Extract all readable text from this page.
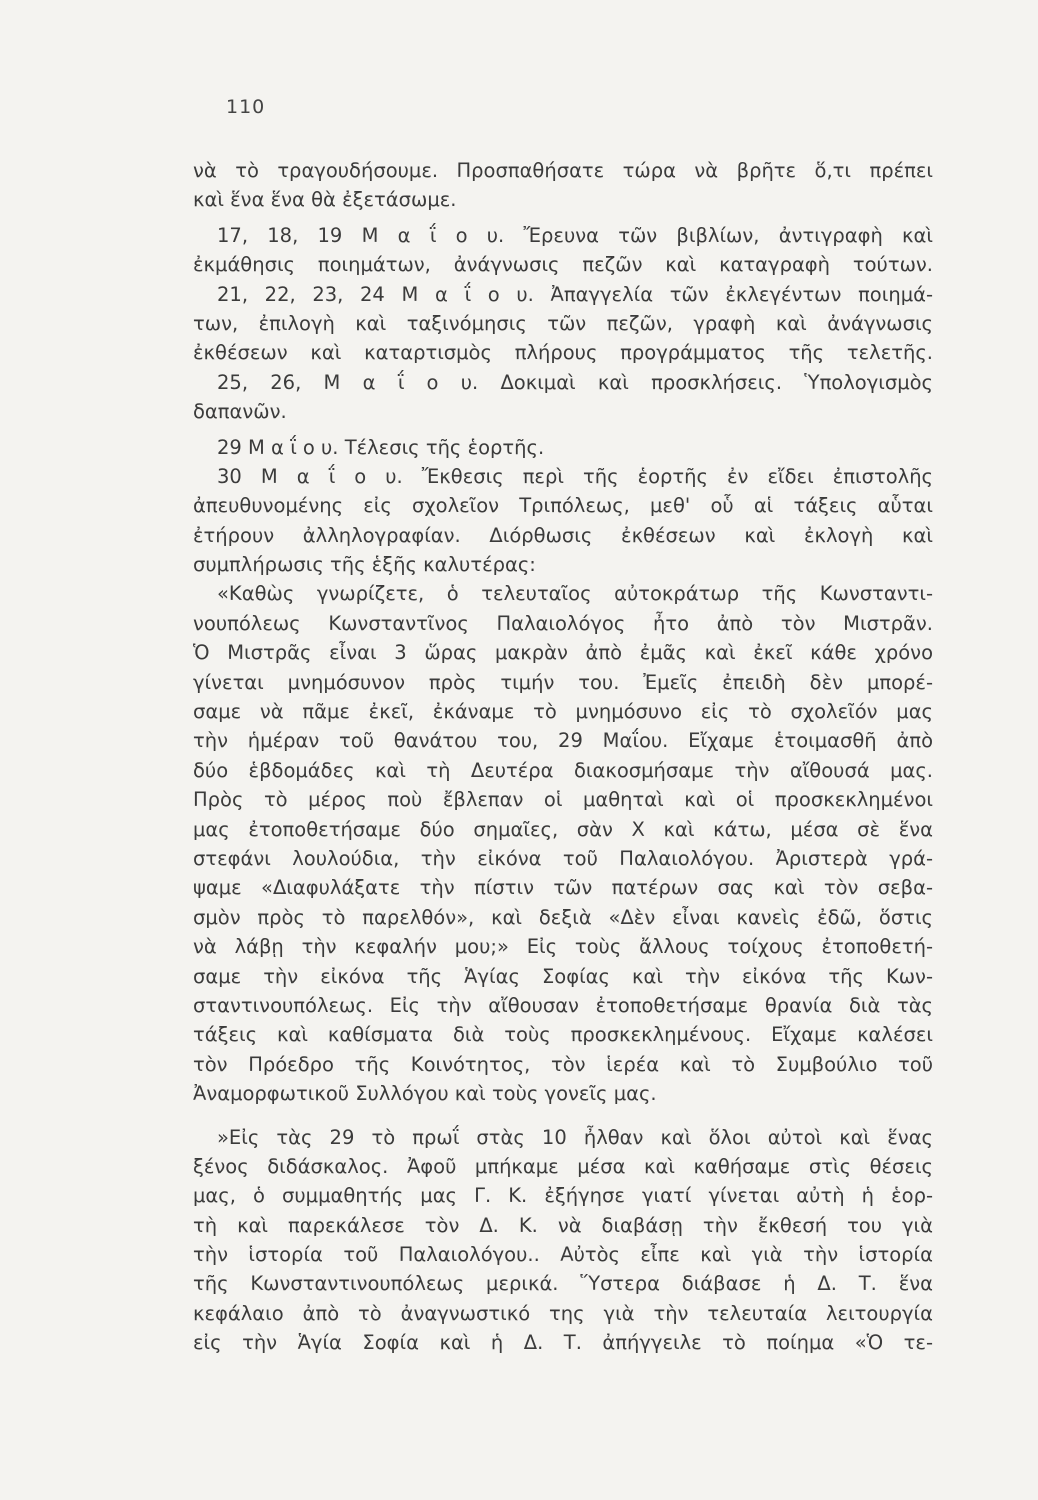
110
νὰ τὸ τραγουδήσουμε. Προσπαθήσατε τώρα νὰ βρῆτε ὅ,τι πρέπει
καὶ ἕνα ἕνα θὰ ἐξετάσωμε.
17, 18, 19 Μ α ΐ ο υ. Ἔρευνα τῶν βιβλίων, ἀντιγραφὴ καὶ
ἐκμάθησις ποιημάτων, ἀνάγνωσις πεζῶν καὶ καταγραφὴ τούτων.
21, 22, 23, 24 Μ α ΐ ο υ. Ἀπαγγελία τῶν ἐκλεγέντων ποιημά-
των, ἐπιλογὴ καὶ ταξινόμησις τῶν πεζῶν, γραφὴ καὶ ἀνάγνωσις
ἐκθέσεων καὶ καταρτισμὸς πλήρους προγράμματος τῆς τελετῆς.
25, 26, Μ α ΐ ο υ. Δοκιμαὶ καὶ προσκλήσεις. Ὑπολογισμὸς
δαπανῶν.
29 Μ α ΐ ο υ. Τέλεσις τῆς ἑορτῆς.
30 Μ α ΐ ο υ. Ἔκθεσις περὶ τῆς ἑορτῆς ἐν εἴδει ἐπιστολῆς
ἀπευθυνομένης εἰς σχολεῖον Τριπόλεως, μεθ' οὗ αἱ τάξεις αὗται
ἐτήρουν ἀλληλογραφίαν. Διόρθωσις ἐκθέσεων καὶ ἐκλογὴ καὶ
συμπλήρωσις τῆς ἑξῆς καλυτέρας:
«Καθὼς γνωρίζετε, ὁ τελευταῖος αὐτοκράτωρ τῆς Κωνσταντι-
νουπόλεως Κωνσταντῖνος Παλαιολόγος ἦτο ἀπὸ τὸν Μιστρᾶν.
Ὁ Μιστρᾶς εἶναι 3 ὥρας μακρὰν ἀπὸ ἐμᾶς καὶ ἐκεῖ κάθε χρόνο
γίνεται μνημόσυνον πρὸς τιμήν του. Ἐμεῖς ἐπειδὴ δὲν μπορέ-
σαμε νὰ πᾶμε ἐκεῖ, ἐκάναμε τὸ μνημόσυνο εἰς τὸ σχολεῖόν μας
τὴν ἡμέραν τοῦ θανάτου του, 29 Μαΐου. Εἴχαμε ἑτοιμασθῆ ἀπὸ
δύο ἑβδομάδες καὶ τὴ Δευτέρα διακοσμήσαμε τὴν αἴθουσά μας.
Πρὸς τὸ μέρος ποὺ ἔβλεπαν οἱ μαθηταὶ καὶ οἱ προσκεκλημένοι
μας ἐτοποθετήσαμε δύο σημαῖες, σὰν Χ καὶ κάτω, μέσα σὲ ἕνα
στεφάνι λουλούδια, τὴν εἰκόνα τοῦ Παλαιολόγου. Ἀριστερὰ γρά-
ψαμε «Διαφυλάξατε τὴν πίστιν τῶν πατέρων σας καὶ τὸν σεβα-
σμὸν πρὸς τὸ παρελθόν», καὶ δεξιὰ «Δὲν εἶναι κανεὶς ἐδῶ, ὅστις
νὰ λάβῃ τὴν κεφαλήν μου;» Εἰς τοὺς ἄλλους τοίχους ἐτοποθετή-
σαμε τὴν εἰκόνα τῆς Ἁγίας Σοφίας καὶ τὴν εἰκόνα τῆς Κων-
σταντινουπόλεως. Εἰς τὴν αἴθουσαν ἐτοποθετήσαμε θρανία διὰ τὰς
τάξεις καὶ καθίσματα διὰ τοὺς προσκεκλημένους. Εἴχαμε καλέσει
τὸν Πρόεδρο τῆς Κοινότητος, τὸν ἱερέα καὶ τὸ Συμβούλιο τοῦ
Ἀναμορφωτικοῦ Συλλόγου καὶ τοὺς γονεῖς μας.
»Εἰς τὰς 29 τὸ πρωΐ στὰς 10 ἦλθαν καὶ ὅλοι αὐτοὶ καὶ ἕνας
ξένος διδάσκαλος. Ἀφοῦ μπήκαμε μέσα καὶ καθήσαμε στὶς θέσεις
μας, ὁ συμμαθητής μας Γ. Κ. ἐξήγησε γιατί γίνεται αὐτὴ ἡ ἑορ-
τὴ καὶ παρεκάλεσε τὸν Δ. Κ. νὰ διαβάσῃ τὴν ἔκθεσή του γιὰ
τὴν ἱστορία τοῦ Παλαιολόγου.. Αὐτὸς εἶπε καὶ γιὰ τὴν ἱστορία
τῆς Κωνσταντινουπόλεως μερικά. Ὕστερα διάβασε ἡ Δ. Τ. ἕνα
κεφάλαιο ἀπὸ τὸ ἀναγνωστικό της γιὰ τὴν τελευταία λειτουργία
εἰς τὴν Ἁγία Σοφία καὶ ἡ Δ. Τ. ἀπήγγειλε τὸ ποίημα «Ὁ τε-
